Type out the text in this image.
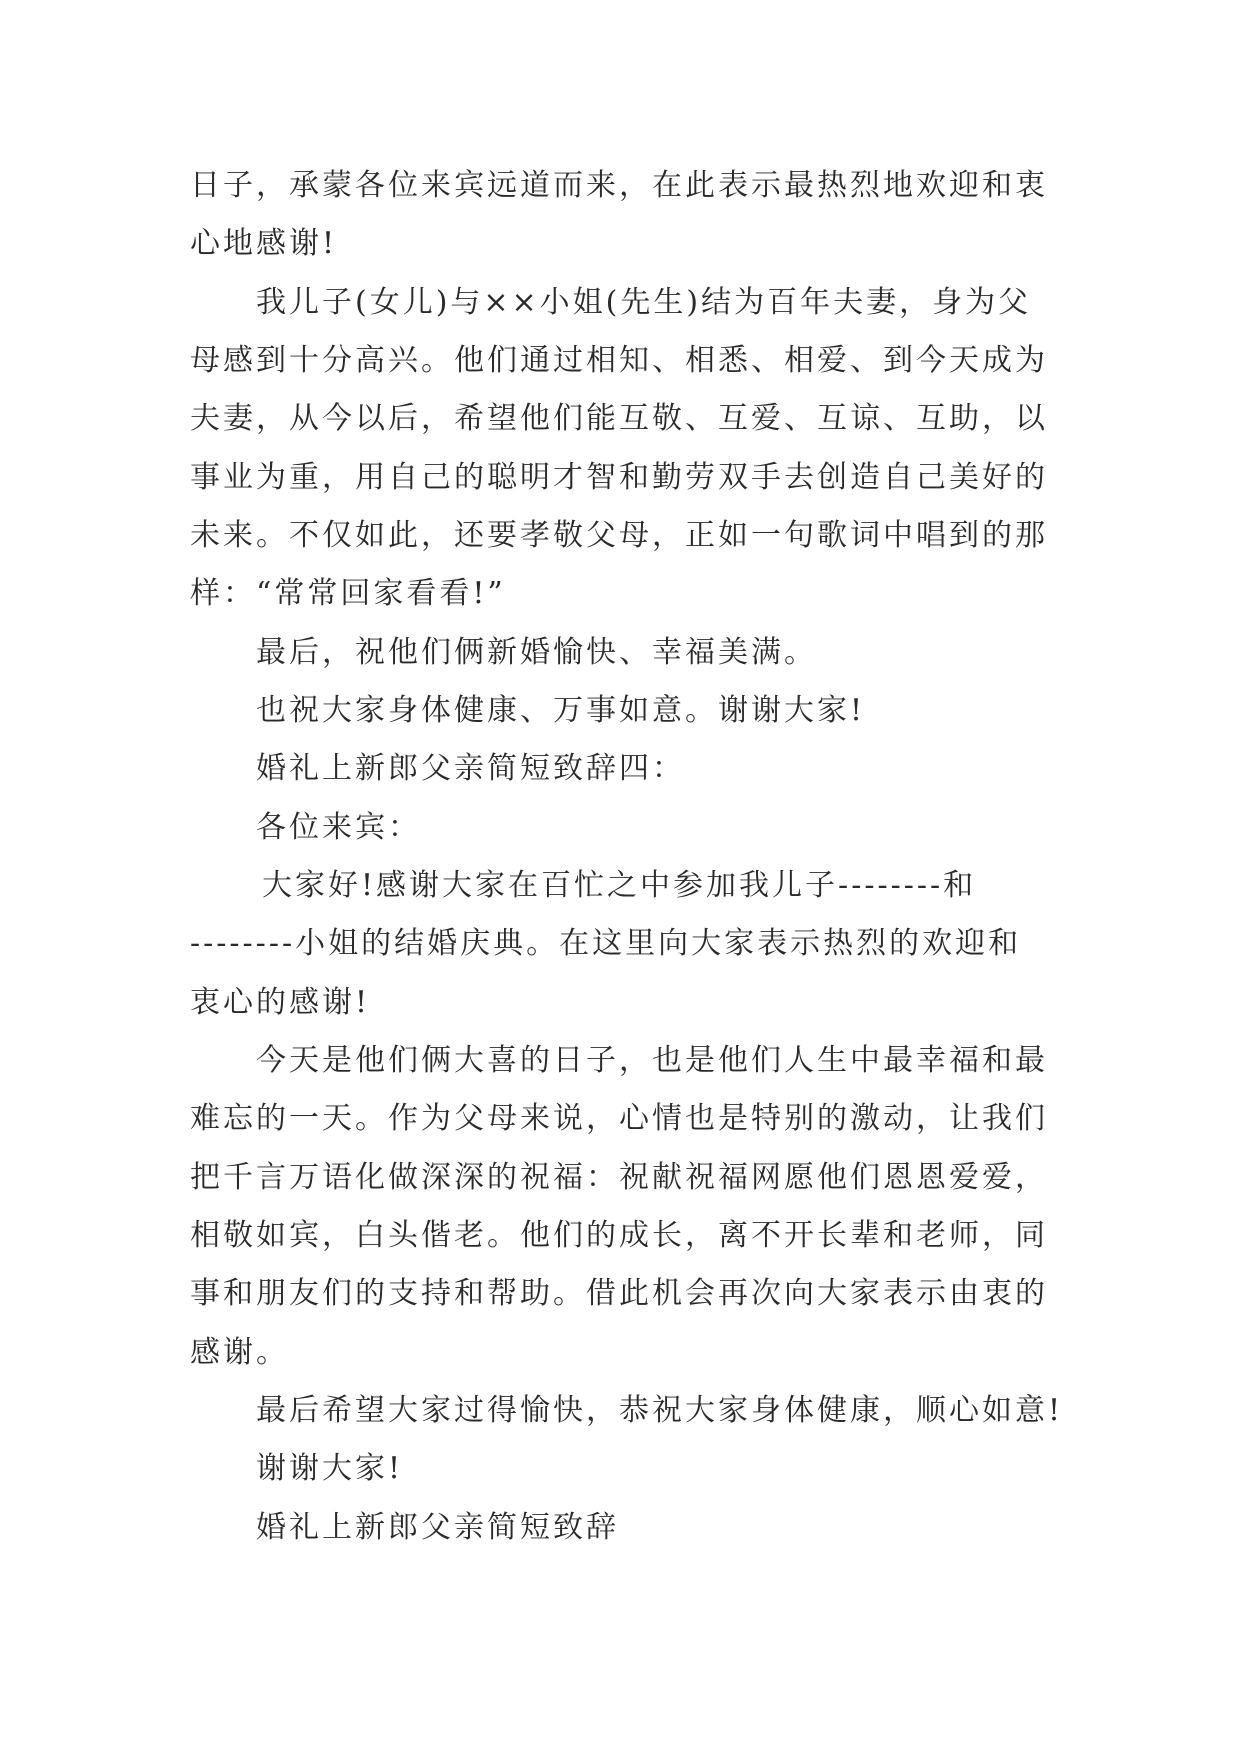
日子，承蒙各位来宾远道而来，在此表示最热烈地欢迎和衷
心地感谢!
我儿子(女儿)与××小姐(先生)结为百年夫妻，身为父
母感到十分高兴。他们通过相知、相悉、相爱、到今天成为
夫妻，从今以后，希望他们能互敬、互爱、互谅、互助，以
事业为重，用自己的聪明才智和勤劳双手去创造自己美好的
未来。不仅如此，还要孝敬父母，正如一句歌词中唱到的那
样：“常常回家看看!”
最后，祝他们俩新婚愉快、幸福美满。
也祝大家身体健康、万事如意。谢谢大家!
婚礼上新郎父亲简短致辞四：
各位来宾：
大家好!感谢大家在百忙之中参加我儿子--------和
--------小姐的结婚庆典。在这里向大家表示热烈的欢迎和
衷心的感谢!
今天是他们俩大喜的日子，也是他们人生中最幸福和最
难忘的一天。作为父母来说，心情也是特别的激动，让我们
把千言万语化做深深的祝福：祝献祝福网愿他们恩恩爱爱，
相敬如宾，白头偕老。他们的成长，离不开长辈和老师，同
事和朋友们的支持和帮助。借此机会再次向大家表示由衷的
感谢。
最后希望大家过得愉快，恭祝大家身体健康，顺心如意!
谢谢大家!
婚礼上新郎父亲简短致辞
